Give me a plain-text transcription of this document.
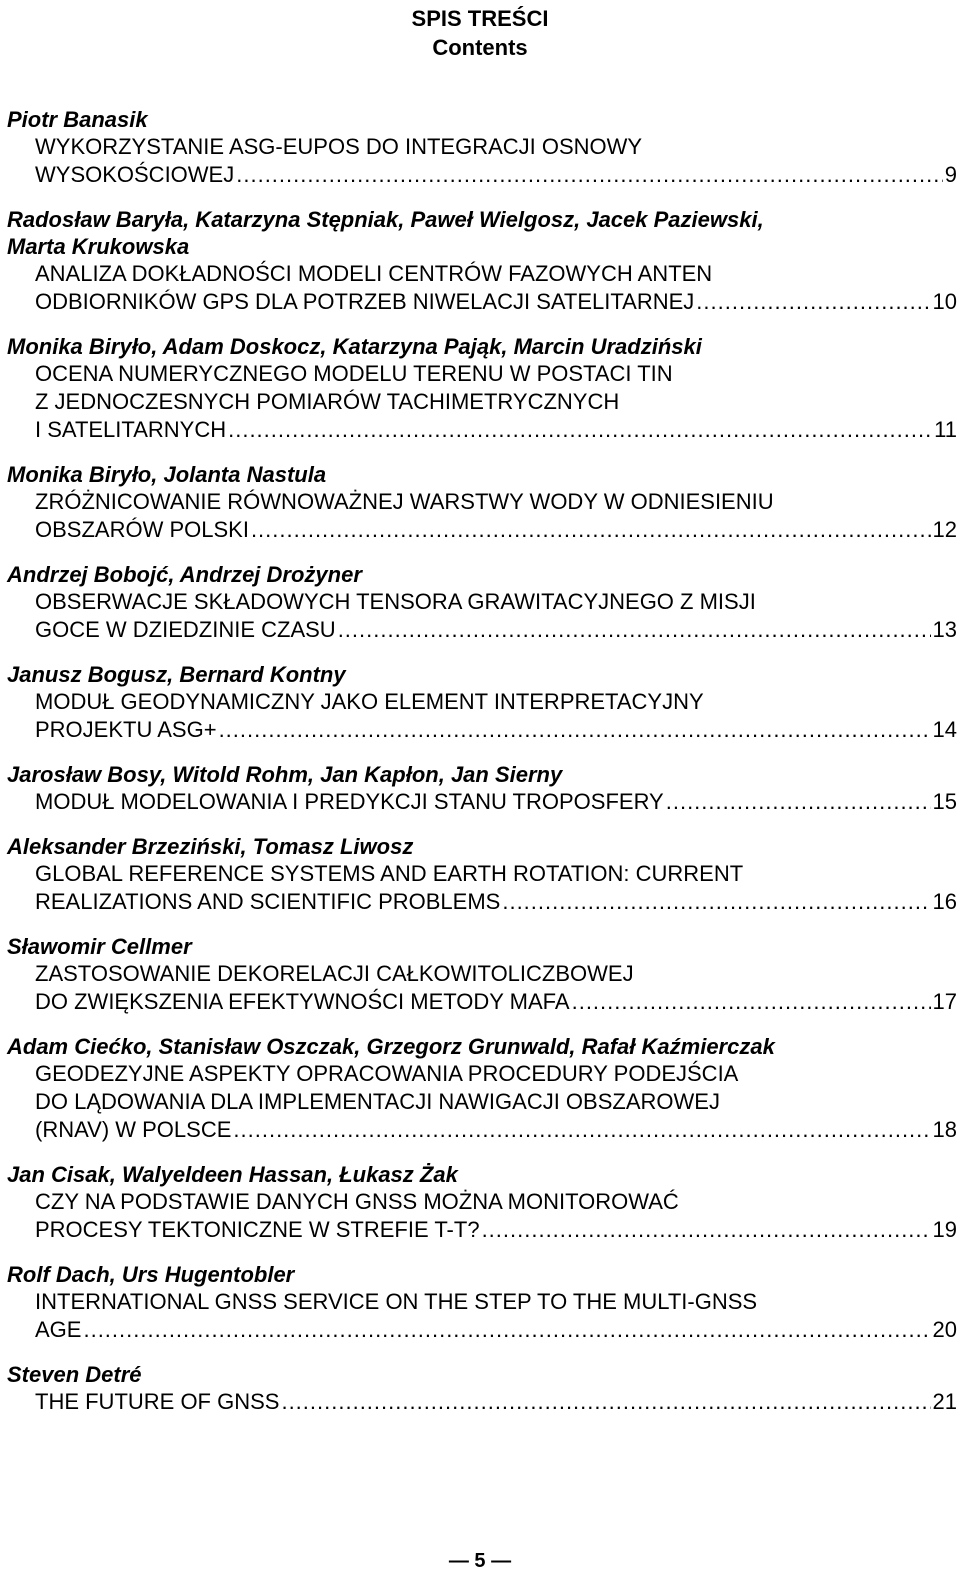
SPIS TREŚCI
Contents
Piotr Banasik
WYKORZYSTANIE ASG-EUPOS DO INTEGRACJI OSNOWY
WYSOKOŚCIOWEJ .....	9
Radosław Baryła, Katarzyna Stępniak, Paweł Wielgosz, Jacek Paziewski,
Marta Krukowska
ANALIZA DOKŁADNOŚCI MODELI CENTRÓW FAZOWYCH ANTEN
ODBIORNIKÓW GPS DLA POTRZEB NIWELACJI SATELITARNEJ .....	10
Monika Biryło, Adam Doskocz, Katarzyna Pająk, Marcin Uradziński
OCENA NUMERYCZNEGO MODELU TERENU W POSTACI TIN
Z JEDNOCZESNYCH POMIARÓW TACHIMETRYCZNYCH
I SATELITARNYCH .....	11
Monika Biryło, Jolanta Nastula
ZRÓŻNICOWANIE RÓWNOWAŻNEJ WARSTWY WODY W ODNIESIENIU
OBSZARÓW POLSKI .....	12
Andrzej Bobojć, Andrzej Drożyner
OBSERWACJE SKŁADOWYCH TENSORA GRAWITACYJNEGO Z MISJI
GOCE W DZIEDZINIE CZASU .....	13
Janusz Bogusz, Bernard Kontny
MODUŁ GEODYNAMICZNY JAKO ELEMENT INTERPRETACYJNY
PROJEKTU ASG+ .....	14
Jarosław Bosy, Witold Rohm, Jan Kapłon, Jan Sierny
MODUŁ MODELOWANIA I PREDYKCJI STANU TROPOSFERY .....	15
Aleksander Brzeziński, Tomasz Liwosz
GLOBAL REFERENCE SYSTEMS AND EARTH ROTATION: CURRENT
REALIZATIONS AND SCIENTIFIC PROBLEMS .....	16
Sławomir Cellmer
ZASTOSOWANIE DEKORELACJI CAŁKOWITOLICZBOWEJ
DO ZWIĘKSZENIA EFEKTYWNOŚCI METODY MAFA .....	17
Adam Ciećko, Stanisław Oszczak, Grzegorz Grunwald, Rafał Kaźmierczak
GEODEZYJNE ASPEKTY OPRACOWANIA PROCEDURY PODEJŚCIA
DO LĄDOWANIA DLA IMPLEMENTACJI NAWIGACJI OBSZAROWEJ
(RNAV) W POLSCE .....	18
Jan Cisak, Walyeldeen Hassan, Łukasz Żak
CZY NA PODSTAWIE DANYCH GNSS MOŻNA MONITOROWAĆ
PROCESY TEKTONICZNE W STREFIE T-T? .....	19
Rolf Dach, Urs Hugentobler
INTERNATIONAL GNSS SERVICE ON THE STEP TO THE MULTI-GNSS
AGE .....	20
Steven Detré
THE FUTURE OF GNSS .....	21
— 5 —
